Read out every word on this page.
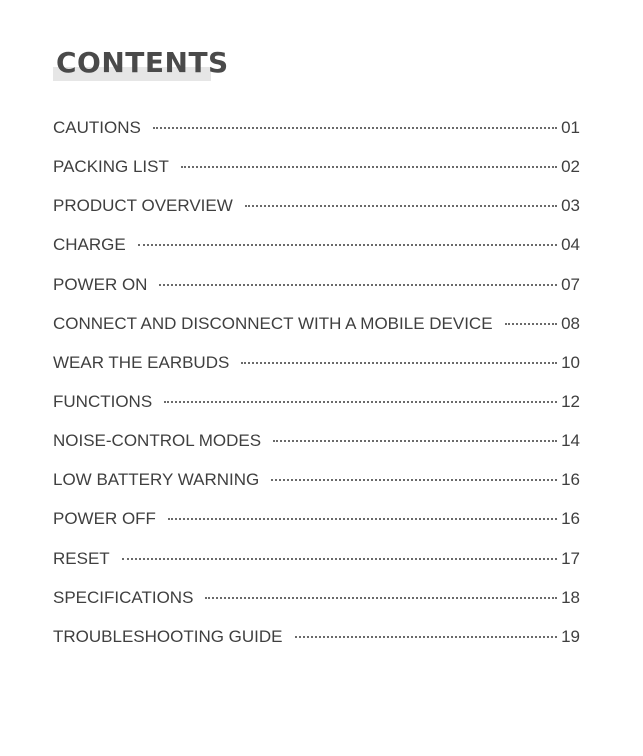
CONTENTS
CAUTIONS	01
PACKING LIST	02
PRODUCT OVERVIEW	03
CHARGE	04
POWER ON	07
CONNECT AND DISCONNECT WITH A MOBILE DEVICE	08
WEAR THE EARBUDS	10
FUNCTIONS	12
NOISE-CONTROL MODES	14
LOW BATTERY WARNING	16
POWER OFF	16
RESET	17
SPECIFICATIONS	18
TROUBLESHOOTING GUIDE	19
